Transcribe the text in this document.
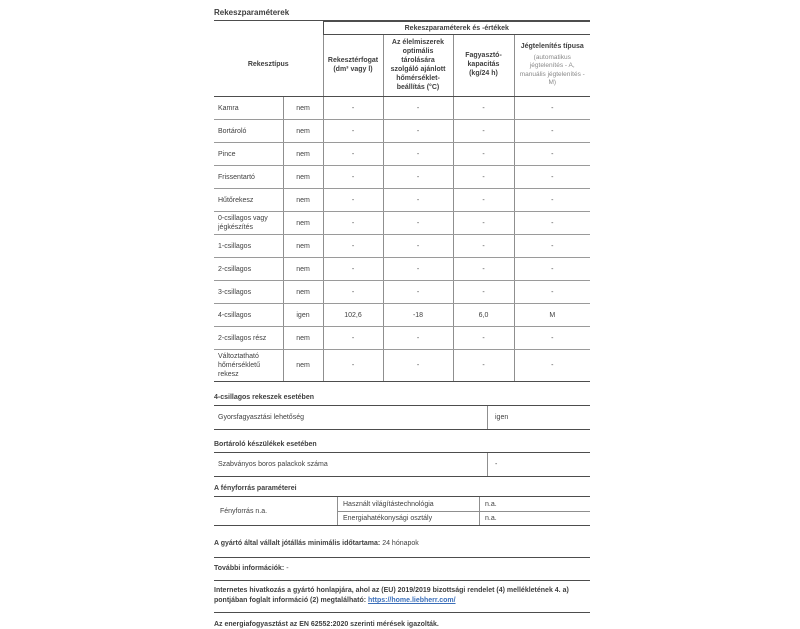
Rekeszparaméterek
		Rekeszparaméterek és -értékek			
Rekesztípus		Rekesztérfogat (dm³ vagy l)	Az élelmiszerek optimális tárolására szolgáló ajánlott hőmérséklet-beállítás (°C)	Fagyasztó-kapacitás (kg/24 h)	Jégtelenítés típusa
(automatikus jégtelenítés - A, manuális jégtelenítés - M)

Kamra	nem	-	-	-	-
Bortároló	nem	-	-	-	-
Pince	nem	-	-	-	-
Frissentartó	nem	-	-	-	-
Hűtőrekesz	nem	-	-	-	-
0-csillagos vagy jégkészítés	nem	-	-	-	-
1-csillagos	nem	-	-	-	-
2-csillagos	nem	-	-	-	-
3-csillagos	nem	-	-	-	-
4-csillagos	igen	102,6	-18	6,0	M
2-csillagos rész	nem	-	-	-	-
Változtatható hőmérsékletű rekesz	nem	-	-	-	-
4-csillagos rekeszek esetében
Gyorsfagyasztási lehetőség	igen
Bortároló készülékek esetében
Szabványos boros palackok száma	-
A fényforrás paraméterei
Fényforrás n.a.
Használt világítástechnológia	n.a.
Energiahatékonysági osztály	n.a.
A gyártó által vállalt jótállás minimális időtartama: 24 hónapok
További információk: -
Internetes hivatkozás a gyártó honlapjára, ahol az (EU) 2019/2019 bizottsági rendelet (4) mellékletének 4. a) pontjában foglalt információ (2) megtalálható: https://home.liebherr.com/
Az energiafogyasztást az EN 62552:2020 szerinti mérések igazolták.
